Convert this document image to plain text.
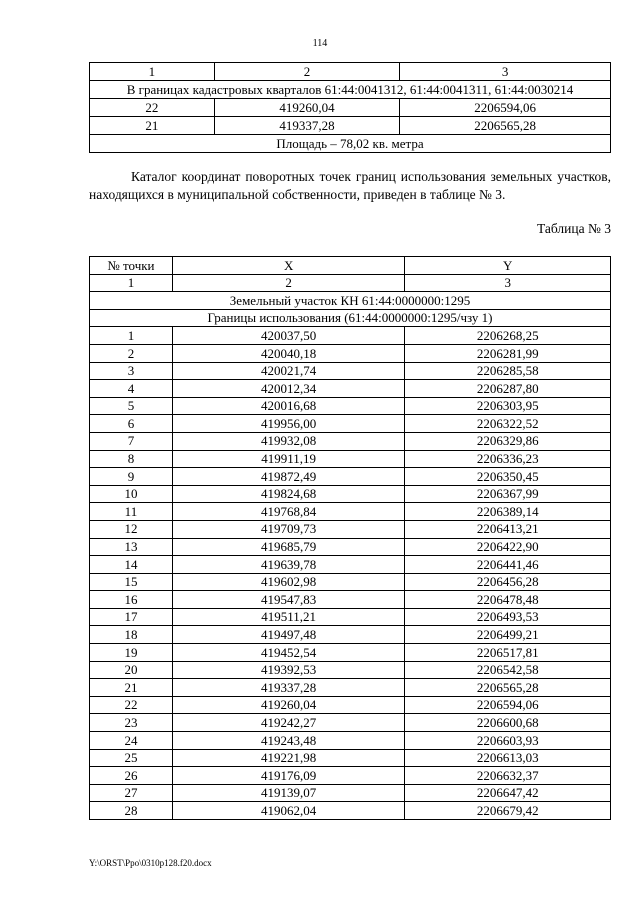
114
1	2	3
В границах кадастровых кварталов 61:44:0041312, 61:44:0041311, 61:44:0030214		
22	419260,04	2206594,06
21	419337,28	2206565,28
Площадь – 78,02 кв. метра		
Каталог координат поворотных точек границ использования земельных участков, находящихся в муниципальной собственности, приведен в таблице № 3.
Таблица № 3
№ точки	X	Y
1	2	3
Земельный участок КН 61:44:0000000:1295		
Границы использования (61:44:0000000:1295/чзу 1)		
1	420037,50	2206268,25
2	420040,18	2206281,99
3	420021,74	2206285,58
4	420012,34	2206287,80
5	420016,68	2206303,95
6	419956,00	2206322,52
7	419932,08	2206329,86
8	419911,19	2206336,23
9	419872,49	2206350,45
10	419824,68	2206367,99
11	419768,84	2206389,14
12	419709,73	2206413,21
13	419685,79	2206422,90
14	419639,78	2206441,46
15	419602,98	2206456,28
16	419547,83	2206478,48
17	419511,21	2206493,53
18	419497,48	2206499,21
19	419452,54	2206517,81
20	419392,53	2206542,58
21	419337,28	2206565,28
22	419260,04	2206594,06
23	419242,27	2206600,68
24	419243,48	2206603,93
25	419221,98	2206613,03
26	419176,09	2206632,37
27	419139,07	2206647,42
28	419062,04	2206679,42
Y:\ORST\Ppo\0310p128.f20.docx
